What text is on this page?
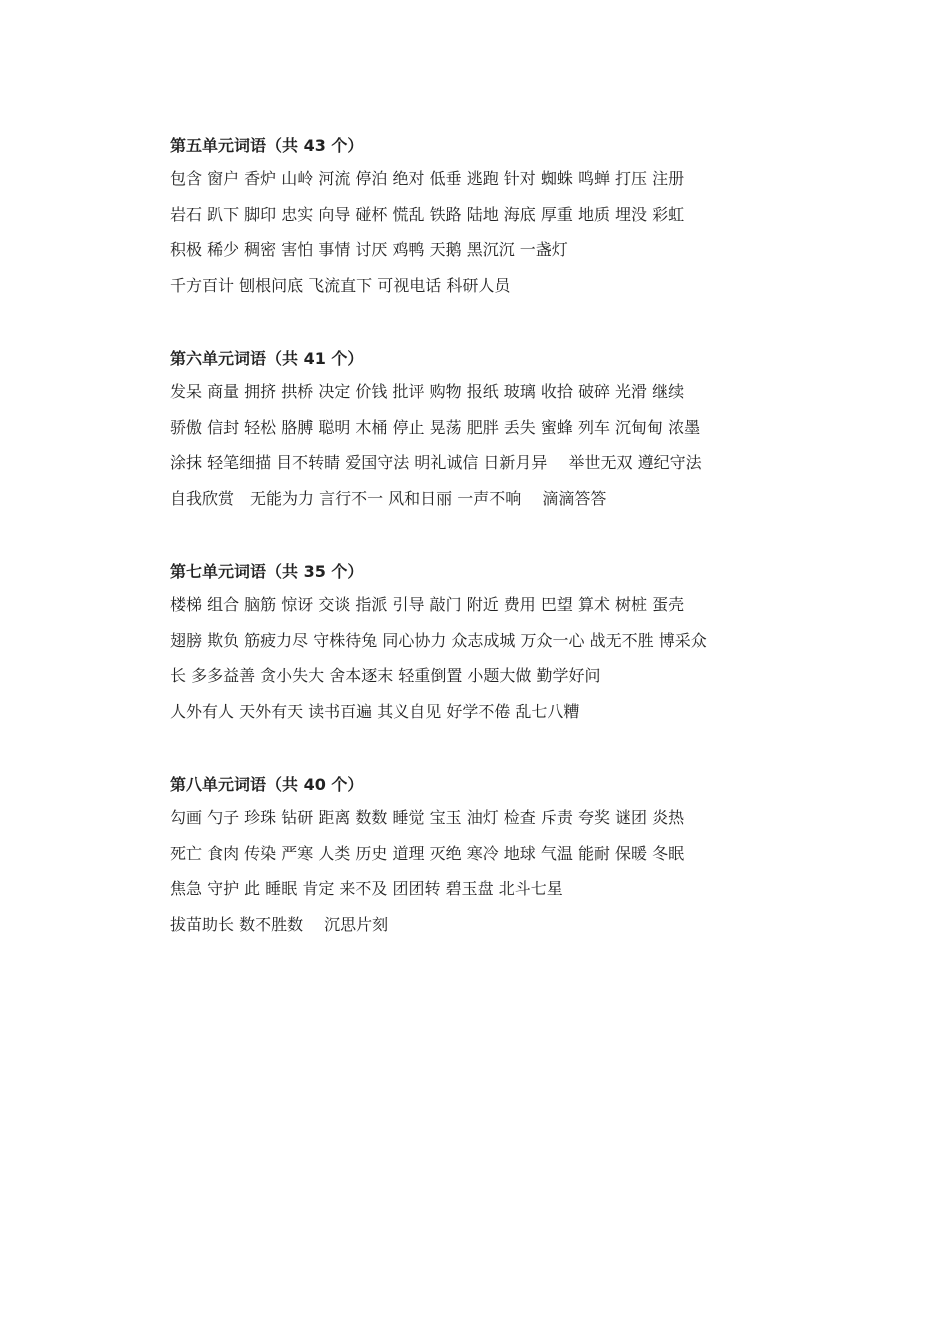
第五单元词语（共 43 个）
包含 窗户 香炉 山岭 河流 停泊 绝对 低垂 逃跑 针对 蜘蛛 鸣蝉 打压 注册
岩石 趴下 脚印 忠实 向导 碰杯 慌乱 铁路 陆地 海底 厚重 地质 埋没 彩虹
积极 稀少 稠密 害怕 事情 讨厌 鸡鸭 天鹅 黑沉沉 一盏灯
千方百计 刨根问底 飞流直下 可视电话 科研人员
第六单元词语（共 41 个）
发呆 商量 拥挤 拱桥 决定 价钱 批评 购物 报纸 玻璃 收拾 破碎 光滑 继续
骄傲 信封 轻松 胳膊 聪明 木桶 停止 晃荡 肥胖 丢失 蜜蜂 列车 沉甸甸 浓墨
涂抹 轻笔细描 目不转睛 爱国守法 明礼诚信 日新月异　 举世无双 遵纪守法
自我欣赏　无能为力 言行不一 风和日丽 一声不响　 滴滴答答
第七单元词语（共 35 个）
楼梯 组合 脑筋 惊讶 交谈 指派 引导 敲门 附近 费用 巴望 算术 树桩 蛋壳
翅膀 欺负 筋疲力尽 守株待兔 同心协力 众志成城 万众一心 战无不胜 博采众
长 多多益善 贪小失大 舍本逐末 轻重倒置 小题大做 勤学好问
人外有人 天外有天 读书百遍 其义自见 好学不倦 乱七八糟
第八单元词语（共 40 个）
勾画 勺子 珍珠 钻研 距离 数数 睡觉 宝玉 油灯 检查 斥责 夸奖 谜团 炎热
死亡 食肉 传染 严寒 人类 历史 道理 灭绝 寒冷 地球 气温 能耐 保暖 冬眠
焦急 守护 此 睡眠 肯定 来不及 团团转 碧玉盘 北斗七星
拔苗助长 数不胜数　 沉思片刻
